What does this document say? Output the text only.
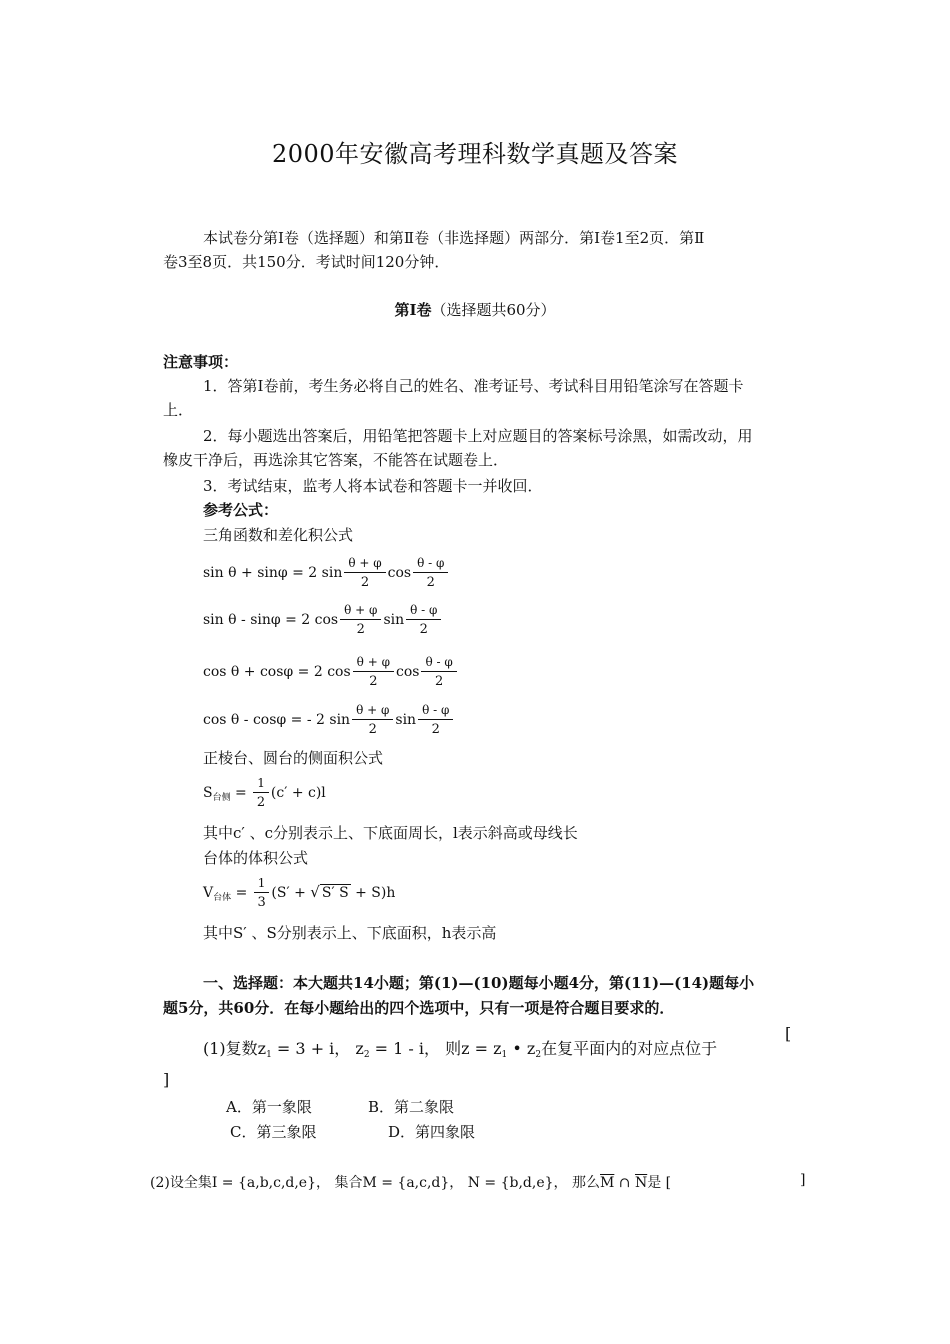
2000年安徽高考理科数学真题及答案
本试卷分第Ⅰ卷（选择题）和第Ⅱ卷（非选择题）两部分．第Ⅰ卷1至2页．第Ⅱ
卷3至8页．共150分．考试时间120分钟．
第Ⅰ卷（选择题共60分）
注意事项：
1．答第Ⅰ卷前，考生务必将自己的姓名、准考证号、考试科目用铅笔涂写在答题卡
上．
2．每小题选出答案后，用铅笔把答题卡上对应题目的答案标号涂黑，如需改动，用
橡皮干净后，再选涂其它答案，不能答在试题卷上．
3．考试结束，监考人将本试卷和答题卡一并收回．
参考公式：
三角函数和差化积公式
sin θ + sinφ = 2 $\sin \frac{\theta + \varphi}{2}$ $\cos \frac{\theta - \varphi}{2}$
sin θ - sinφ = 2 $\cos \frac{\theta + \varphi}{2}$ $\sin \frac{\theta - \varphi}{2}$
cos θ + cosφ = 2 $\cos \frac{\theta + \varphi}{2}$ $\cos \frac{\theta - \varphi}{2}$
cos θ - cosφ = - 2 $\sin \frac{\theta + \varphi}{2}$ $\sin \frac{\theta - \varphi}{2}$
正棱台、圆台的侧面积公式
$S_{台侧} = \frac{1}{2} (c' + c)l$
其中c′ 、c分别表示上、下底面周长，l表示斜高或母线长
台体的体积公式
$V_{台体} = \frac{1}{3} (S'$ + √ S′ S + S)h
其中S′ 、S分别表示上、下底面积，h表示高
一、选择题：本大题共14小题；第(1)—(10)题每小题4分，第(11)—(14)题每小
题5分，共60分．在每小题给出的四个选项中，只有一项是符合题目要求的．
(1)复数$z_1 = 3 + i$， $z_2 = 1 - i$， 则$z = z_1$ • $z_2$在复平面内的对应点位于
[
]
A．第一象限	B．第二象限
C．第三象限	D．第四象限
(2)设全集I = {a,b,c,d,e}， 集合M = {a,c,d}， N = {b,d,e}， 那么$\overline{M}$ ∩ $\overline{N}$是 [	]
